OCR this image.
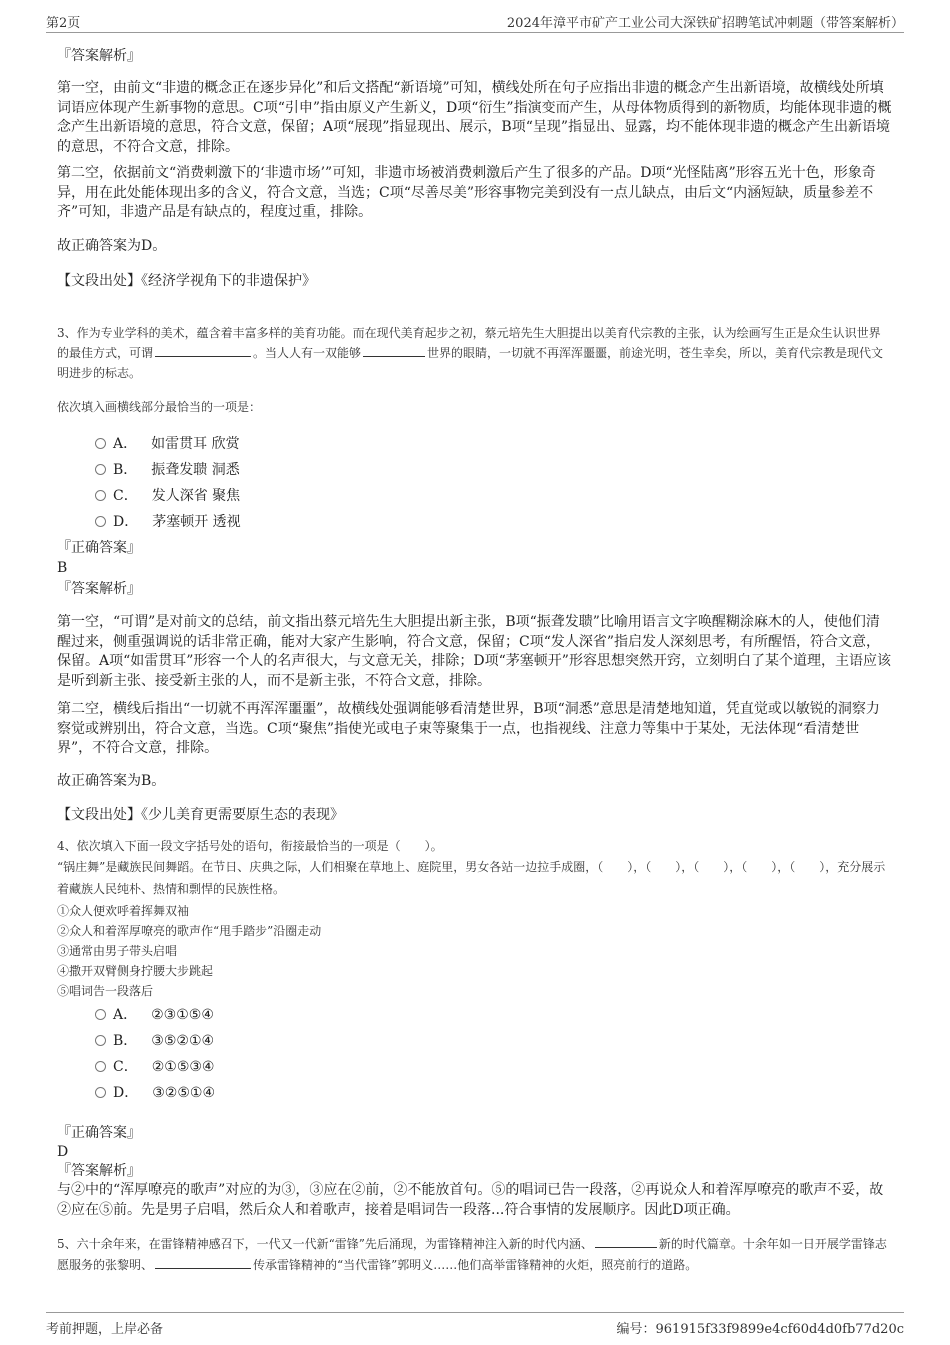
第2页	2024年漳平市矿产工业公司大深铁矿招聘笔试冲刺题（带答案解析）
『答案解析』

第一空，由前文“非遗的概念正在逐步异化”和后文搭配“新语境”可知，横线处所在句子应指出非遗的概念产生出新语境，故横线处所填词语应体现产生新事物的意思。C项“引申”指由原义产生新义，D项“衍生”指演变而产生，从母体物质得到的新物质，均能体现非遗的概念产生出新语境的意思，符合文意，保留；A项“展现”指显现出、展示，B项“呈现”指显出、显露，均不能体现非遗的概念产生出新语境的意思，不符合文意，排除。

第二空，依据前文“消费刺激下的‘非遗市场’”可知，非遗市场被消费刺激后产生了很多的产品。D项“光怪陆离”形容五光十色，形象奇异，用在此处能体现出多的含义，符合文意，当选；C项“尽善尽美”形容事物完美到没有一点儿缺点，由后文“内涵短缺，质量参差不齐”可知，非遗产品是有缺点的，程度过重，排除。

故正确答案为D。
【文段出处】《经济学视角下的非遗保护》

3、作为专业学科的美术，蕴含着丰富多样的美育功能。而在现代美育起步之初，蔡元培先生大胆提出以美育代宗教的主张，认为绘画写生正是众生认识世界的最佳方式，可谓	。当人人有一双能够	世界的眼睛，一切就不再浑浑噩噩，前途光明，苍生幸矣，所以，美育代宗教是现代文明进步的标志。

依次填入画横线部分最恰当的一项是：
A． 如雷贯耳 欣赏
B． 振聋发聩 洞悉
C． 发人深省 聚焦
D． 茅塞顿开 透视
『正确答案』
B
『答案解析』

第一空，“可谓”是对前文的总结，前文指出蔡元培先生大胆提出新主张，B项“振聋发聩”比喻用语言文字唤醒糊涂麻木的人，使他们清醒过来，侧重强调说的话非常正确，能对大家产生影响，符合文意，保留；C项“发人深省”指启发人深刻思考，有所醒悟，符合文意，保留。A项“如雷贯耳”形容一个人的名声很大，与文意无关，排除；D项“茅塞顿开”形容思想突然开窍，立刻明白了某个道理，主语应该是听到新主张、接受新主张的人，而不是新主张，不符合文意，排除。

第二空，横线后指出“一切就不再浑浑噩噩”，故横线处强调能够看清楚世界，B项“洞悉”意思是清楚地知道，凭直觉或以敏锐的洞察力察觉或辨别出，符合文意，当选。C项“聚焦”指使光或电子束等聚集于一点，也指视线、注意力等集中于某处，无法体现“看清楚世界”，不符合文意，排除。

故正确答案为B。
【文段出处】《少儿美育更需要原生态的表现》
4、依次填入下面一段文字括号处的语句，衔接最恰当的一项是（　　）。

“锅庄舞”是藏族民间舞蹈。在节日、庆典之际，人们相聚在草地上、庭院里，男女各站一边拉手成圈，（　　），（　　），（　　），（　　），（　　），充分展示着藏族人民纯朴、热情和剽悍的民族性格。

①众人便欢呼着挥舞双袖
②众人和着浑厚嘹亮的歌声作“甩手踏步”沿圈走动
③通常由男子带头启唱
④撒开双臂侧身拧腰大步跳起
⑤唱词告一段落后
A． ②③①⑤④
B． ③⑤②①④
C． ②①⑤③④
D． ③②⑤①④
『正确答案』
D
『答案解析』

与②中的“浑厚嘹亮的歌声”对应的为③，③应在②前，②不能放首句。⑤的唱词已告一段落，②再说众人和着浑厚嘹亮的歌声不妥，故②应在⑤前。先是男子启唱，然后众人和着歌声，接着是唱词告一段落...符合事情的发展顺序。因此D项正确。

5、六十余年来，在雷锋精神感召下，一代又一代新“雷锋”先后涌现，为雷锋精神注入新的时代内涵、	新的时代篇章。十余年如一日开展学雷锋志愿服务的张黎明、	传承雷锋精神的“当代雷锋”郭明义……他们高举雷锋精神的火炬，照亮前行的道路。

考前押题，上岸必备	编号：961915f33f9899e4cf60d4d0fb77d20c
